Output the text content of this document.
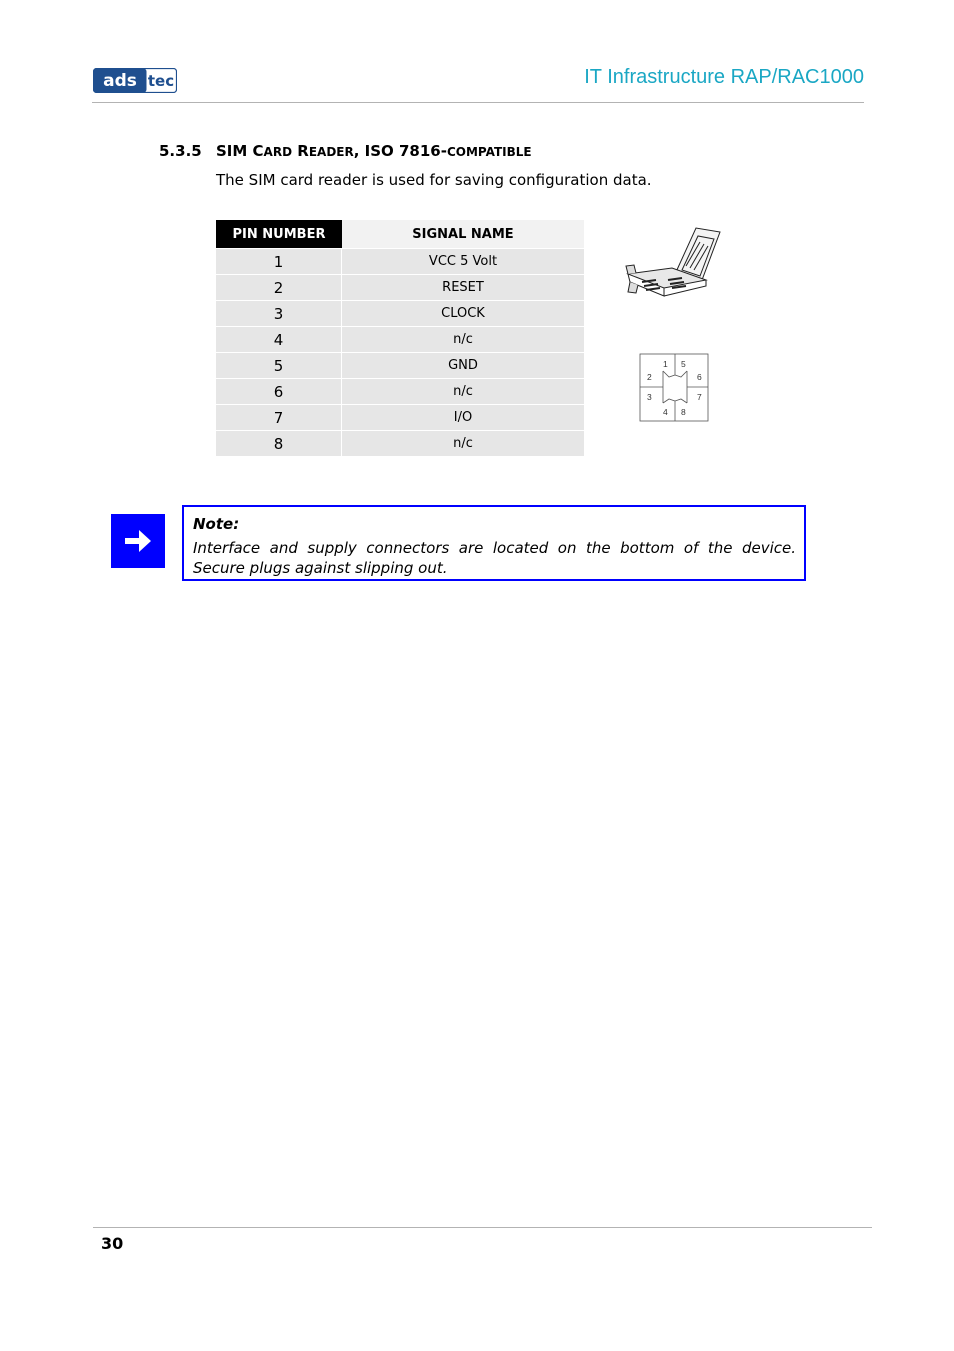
ads tec	IT Infrastructure RAP/RAC1000
5.3.5 SIM CARD READER, ISO 7816-COMPATIBLE
The SIM card reader is used for saving configuration data.
PIN NUMBER	SIGNAL NAME
1	VCC 5 Volt
2	RESET
3	CLOCK
4	n/c
5	GND
6	n/c
7	I/O
8	n/c
1
2
3
4
5
6
7
8
Note:
Interface and supply connectors are located on the bottom of the device. Secure plugs against slipping out.
30
